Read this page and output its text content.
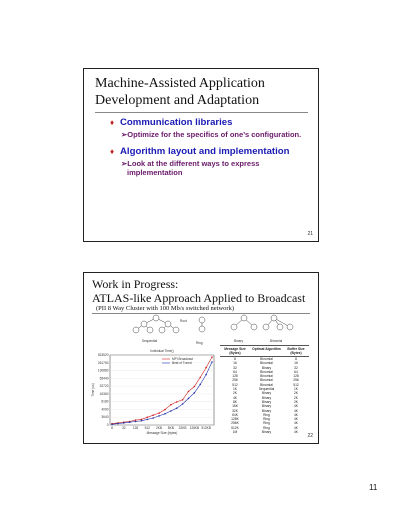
Machine-Assisted Application Development and Adaptation
♦ Communication libraries
➢Optimize for the specifics of one’s configuration.
♦ Algorithm layout and implementation
➢Look at the different ways to express implementation
21
Work in Progress:
ATLAS-like Approach Applied to Broadcast
(PII 8 Way Cluster with 100 Mb/s switched network)
Root
Sequential	Ring	Binary	Binomial
Individual Time()
8	32 128 512 2KB 8KB 32KB 128KB 512KB
0
3640
4090
8180
16360
32720
65440
130880
261760
523520
Message Size (bytes)
Time (us)
MPI Broadcast
Best of Tuned
Message Size (Bytes)
Optimal Algorithm	Buffer Size (Bytes)
8	Binomial	8
16	Binomial	16
32	Binary	32
64	Binomial	64
128	Binomial	128
256	Binomial	256
512	Binomial	512
1K	Sequential	1K
2K	Binary	2K
4K	Binary	2K
8K	Binary	2K
16K	Binary	4K
32K	Binary	4K
64K	Ring	4K
128K	Ring	4K
256K	Ring	4K
512K	Ring	4K
1M	Binary	4K
22
11
